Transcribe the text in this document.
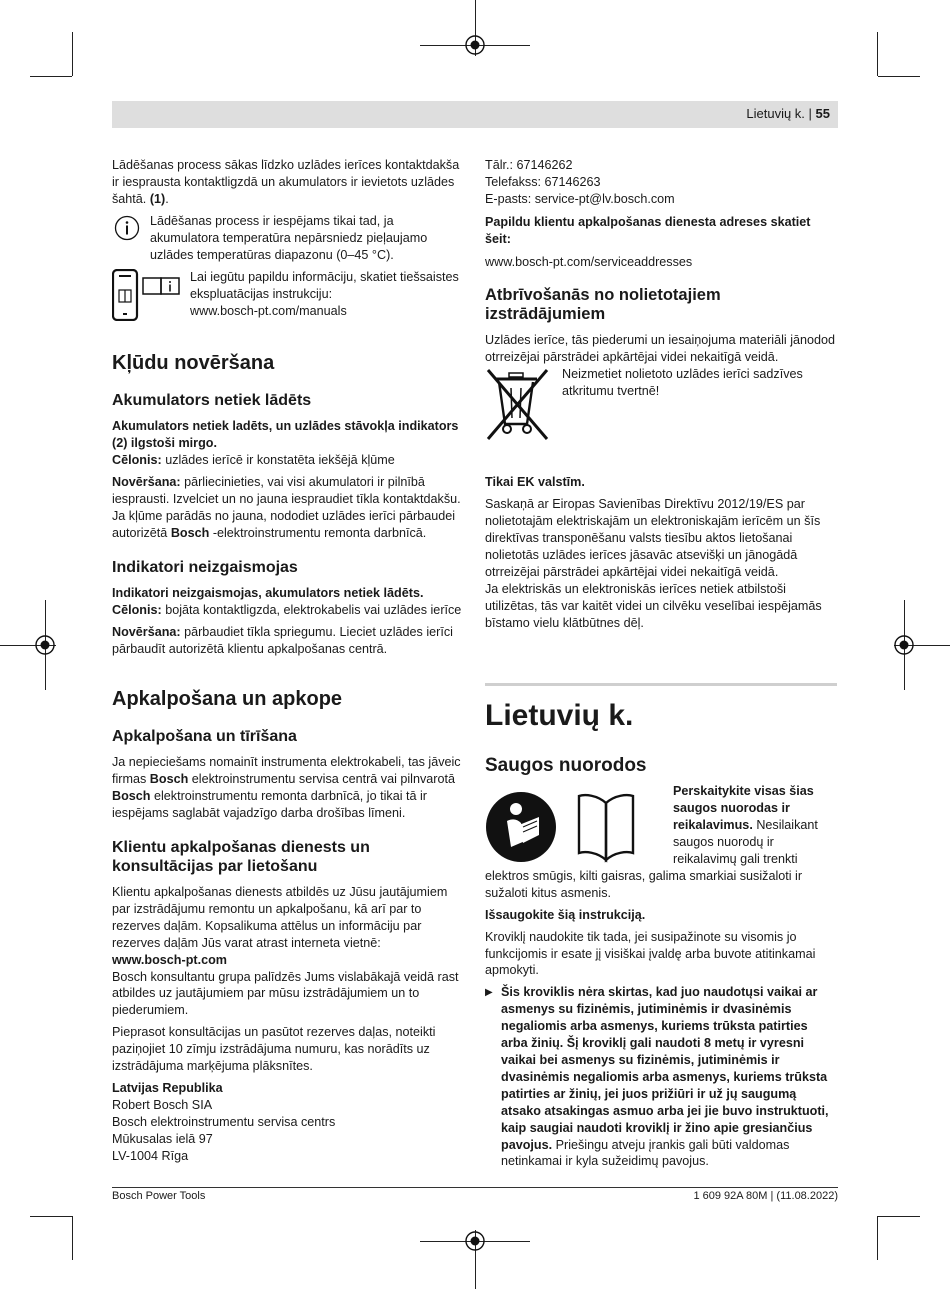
Lietuvių k. | 55

Lādēšanas process sākas līdzko uzlādes ierīces kontaktdakša ir iesprausta kontaktligzdā un akumulators ir ievietots uzlādes šahtā. (1).

Lādēšanas process ir iespējams tikai tad, ja akumulatora temperatūra nepārsniedz pieļaujamo uzlādes temperatūras diapazonu (0–45 °C).

Lai iegūtu papildu informāciju, skatiet tiešsaistes ekspluatācijas instrukciju:
www.bosch-pt.com/manuals
Kļūdu novēršana
Akumulators netiek lādēts

Akumulators netiek ladēts, un uzlādes stāvokļa indikators (2) ilgstoši mirgo.

Cēlonis: uzlādes ierīcē ir konstatēta iekšējā kļūme

Novēršana: pārliecinieties, vai visi akumulatori ir pilnībā iesprausti. Izvelciet un no jauna iespraudiet tīkla kontaktdakšu. Ja kļūme parādās no jauna, nododiet uzlādes ierīci pārbaudei autorizētā Bosch -elektroinstrumentu remonta darbnīcā.

Indikatori neizgaismojas

Indikatori neizgaismojas, akumulators netiek lādēts.

Cēlonis: bojāta kontaktligzda, elektrokabelis vai uzlādes ierīce

Novēršana: pārbaudiet tīkla spriegumu. Lieciet uzlādes ierīci pārbaudīt autorizētā klientu apkalpošanas centrā.

Apkalpošana un apkope
Apkalpošana un tīrīšana

Ja nepieciešams nomainīt instrumenta elektrokabeli, tas jāveic firmas Bosch elektroinstrumentu servisa centrā vai pilnvarotā Bosch elektroinstrumentu remonta darbnīcā, jo tikai tā ir iespējams saglabāt vajadzīgo darba drošības līmeni.

Klientu apkalpošanas dienests un konsultācijas par lietošanu

Klientu apkalpošanas dienests atbildēs uz Jūsu jautājumiem par izstrādājumu remontu un apkalpošanu, kā arī par to rezerves daļām. Kopsalikuma attēlus un informāciju par rezerves daļām Jūs varat atrast interneta vietnē:

www.bosch-pt.com

Bosch konsultantu grupa palīdzēs Jums vislabākajā veidā rast atbildes uz jautājumiem par mūsu izstrādājumiem un to piederumiem.

Pieprasot konsultācijas un pasūtot rezerves daļas, noteikti paziņojiet 10 zīmju izstrādājuma numuru, kas norādīts uz izstrādājuma marķējuma plāksnītes.

Latvijas Republika

Robert Bosch SIA
Bosch elektroinstrumentu servisa centrs
Mūkusalas ielā 97
LV-1004 Rīga
Tālr.: 67146262
Telefakss: 67146263

E-pasts: service-pt@lv.bosch.com

Papildu klientu apkalpošanas dienesta adreses skatiet šeit:

www.bosch-pt.com/serviceaddresses

Atbrīvošanās no nolietotajiem izstrādājumiem

Uzlādes ierīce, tās piederumi un iesaiņojuma materiāli jānodod otrreizējai pārstrādei apkārtējai videi nekaitīgā veidā.

Neizmetiet nolietoto uzlādes ierīci sadzīves atkritumu tvertnē!

Tikai EK valstīm.

Saskaņā ar Eiropas Savienības Direktīvu 2012/19/ES par nolietotajām elektriskajām un elektroniskajām ierīcēm un šīs direktīvas transponēšanu valsts tiesību aktos lietošanai nolietotās uzlādes ierīces jāsavāc atsevišķi un jānogādā otrreizējai pārstrādei apkārtējai videi nekaitīgā veidā.

Ja elektriskās un elektroniskās ierīces netiek atbilstoši utilizētas, tās var kaitēt videi un cilvēku veselībai iespējamās bīstamo vielu klātbūtnes dēļ.

Lietuvių k.
Saugos nuorodos

Perskaitykite visas šias saugos nuorodas ir reikalavimus. Nesilaikant saugos nuorodų ir reikalavimų gali trenkti elektros smūgis, kilti gaisras, galima smarkiai susižaloti ir sužaloti kitus asmenis.

Išsaugokite šią instrukciją.

Kroviklį naudokite tik tada, jei susipažinote su visomis jo funkcijomis ir esate jį visiškai įvaldę arba buvote atitinkamai apmokyti.

▶ Šis kroviklis nėra skirtas, kad juo naudotųsi vaikai ar asmenys su fizinėmis, jutiminėmis ir dvasinėmis negaliomis arba asmenys, kuriems trūksta patirties arba žinių. Šį kroviklį gali naudoti 8 metų ir vyresni vaikai bei asmenys su fizinėmis, jutiminėmis ir dvasinėmis negaliomis arba asmenys, kuriems trūksta patirties ar žinių, jei juos prižiūri ir už jų saugumą atsako atsakingas asmuo arba jei jie buvo instruktuoti, kaip saugiai naudoti kroviklį ir žino apie gresiančius pavojus. Priešingu atveju įrankis gali būti valdomas netinkamai ir kyla sužeidimų pavojus.

Bosch Power Tools	1 609 92A 80M | (11.08.2022)
